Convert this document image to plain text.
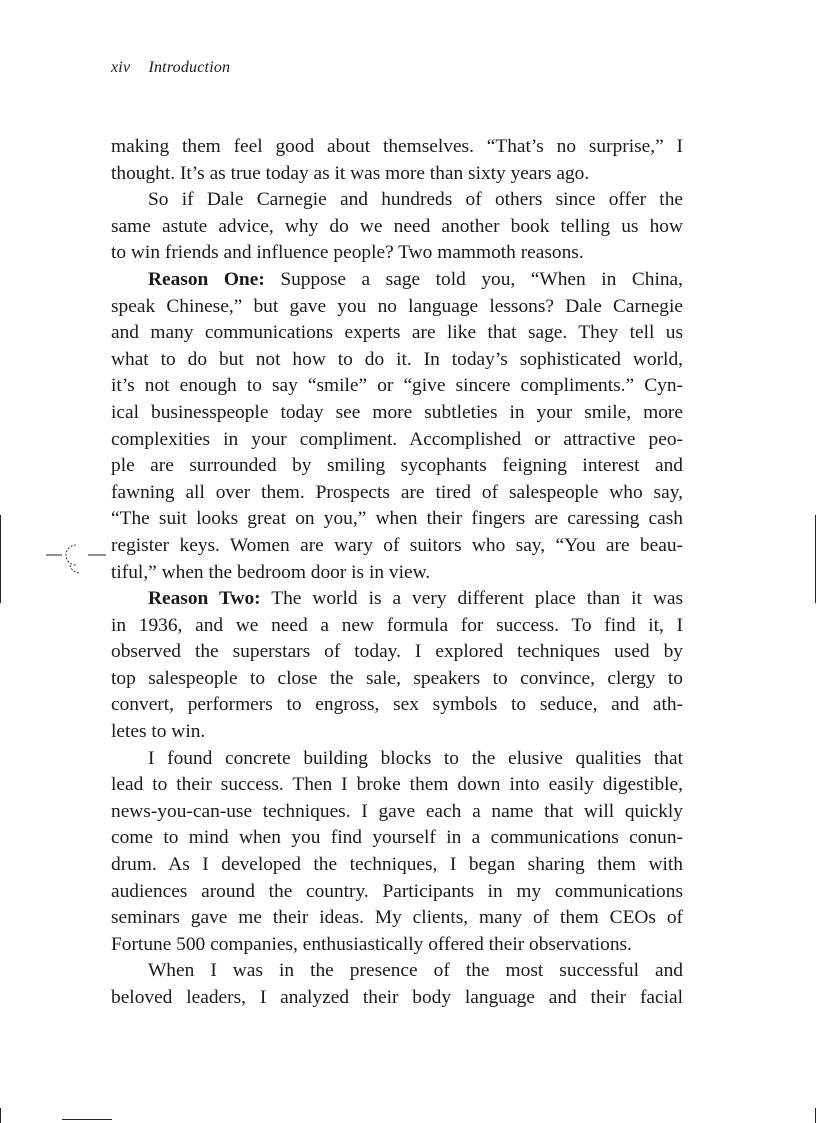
xiv Introduction
making them feel good about themselves. “That’s no surprise,” I
thought. It’s as true today as it was more than sixty years ago.
So if Dale Carnegie and hundreds of others since offer the
same astute advice, why do we need another book telling us how
to win friends and influence people? Two mammoth reasons.
Reason One: Suppose a sage told you, “When in China,
speak Chinese,” but gave you no language lessons? Dale Carnegie
and many communications experts are like that sage. They tell us
what to do but not how to do it. In today’s sophisticated world,
it’s not enough to say “smile” or “give sincere compliments.” Cyn-
ical businesspeople today see more subtleties in your smile, more
complexities in your compliment. Accomplished or attractive peo-
ple are surrounded by smiling sycophants feigning interest and
fawning all over them. Prospects are tired of salespeople who say,
“The suit looks great on you,” when their fingers are caressing cash
register keys. Women are wary of suitors who say, “You are beau-
tiful,” when the bedroom door is in view.
Reason Two: The world is a very different place than it was
in 1936, and we need a new formula for success. To find it, I
observed the superstars of today. I explored techniques used by
top salespeople to close the sale, speakers to convince, clergy to
convert, performers to engross, sex symbols to seduce, and ath-
letes to win.
I found concrete building blocks to the elusive qualities that
lead to their success. Then I broke them down into easily digestible,
news-you-can-use techniques. I gave each a name that will quickly
come to mind when you find yourself in a communications conun-
drum. As I developed the techniques, I began sharing them with
audiences around the country. Participants in my communications
seminars gave me their ideas. My clients, many of them CEOs of
Fortune 500 companies, enthusiastically offered their observations.
When I was in the presence of the most successful and
beloved leaders, I analyzed their body language and their facial
